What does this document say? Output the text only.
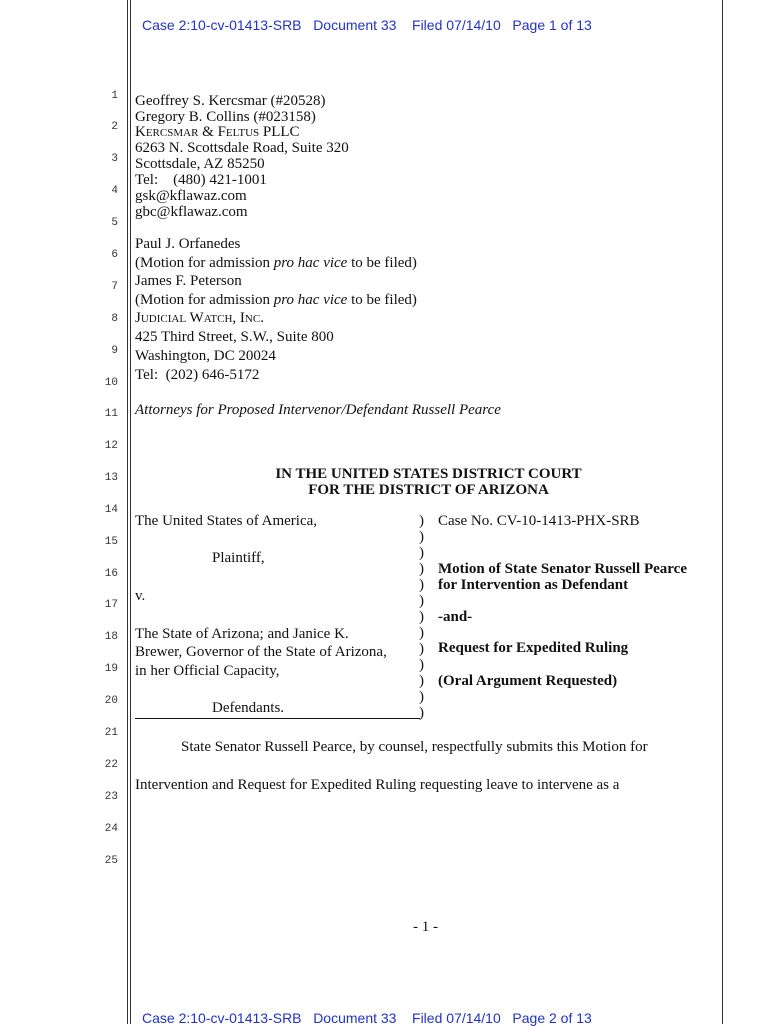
Case 2:10-cv-01413-SRB   Document 33    Filed 07/14/10   Page 1 of 13
1
2
3
4
5
6
7
8
9
10
11
12
13
14
15
16
17
18
19
20
21
22
23
24
25
Geoffrey S. Kercsmar (#20528)
Gregory B. Collins (#023158)
Kercsmar & Feltus PLLC
6263 N. Scottsdale Road, Suite 320
Scottsdale, AZ 85250
Tel:    (480) 421-1001
gsk@kflawaz.com
gbc@kflawaz.com
Paul J. Orfanedes
(Motion for admission pro hac vice to be filed)
James F. Peterson
(Motion for admission pro hac vice to be filed)
Judicial Watch, Inc.
425 Third Street, S.W., Suite 800
Washington, DC 20024
Tel:  (202) 646-5172
Attorneys for Proposed Intervenor/Defendant Russell Pearce
IN THE UNITED STATES DISTRICT COURT
FOR THE DISTRICT OF ARIZONA
The United States of America,
Plaintiff,
v.
The State of Arizona; and Janice K.
Brewer, Governor of the State of Arizona,
in her Official Capacity,
Defendants.
)
)
)
)
)
)
)
)
)
)
)
)
)
Case No. CV-10-1413-PHX-SRB
Motion of State Senator Russell Pearce
for Intervention as Defendant
-and-
Request for Expedited Ruling
(Oral Argument Requested)
State Senator Russell Pearce, by counsel, respectfully submits this Motion for
Intervention and Request for Expedited Ruling requesting leave to intervene as a
- 1 -
Case 2:10-cv-01413-SRB   Document 33    Filed 07/14/10   Page 2 of 13
